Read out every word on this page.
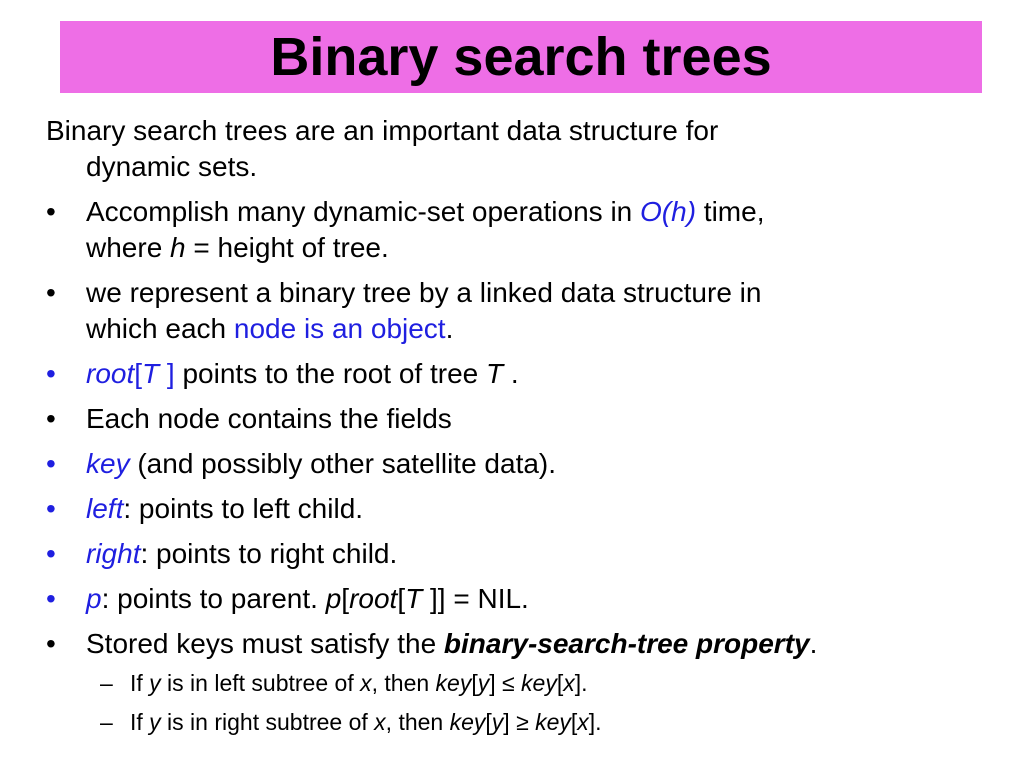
Binary search trees
Binary search trees are an important data structure for
dynamic sets.
•	Accomplish many dynamic-set operations in O(h) time,
where h = height of tree.
•	we represent a binary tree by a linked data structure in
which each node is an object.
•	root[T ] points to the root of tree T .
•	Each node contains the fields
•	key (and possibly other satellite data).
•	left: points to left child.
•	right: points to right child.
•	p: points to parent. p[root[T ]] = NIL.
•	Stored keys must satisfy the binary-search-tree property.
– If y is in left subtree of x, then key[y] ≤ key[x].
– If y is in right subtree of x, then key[y] ≥ key[x].
